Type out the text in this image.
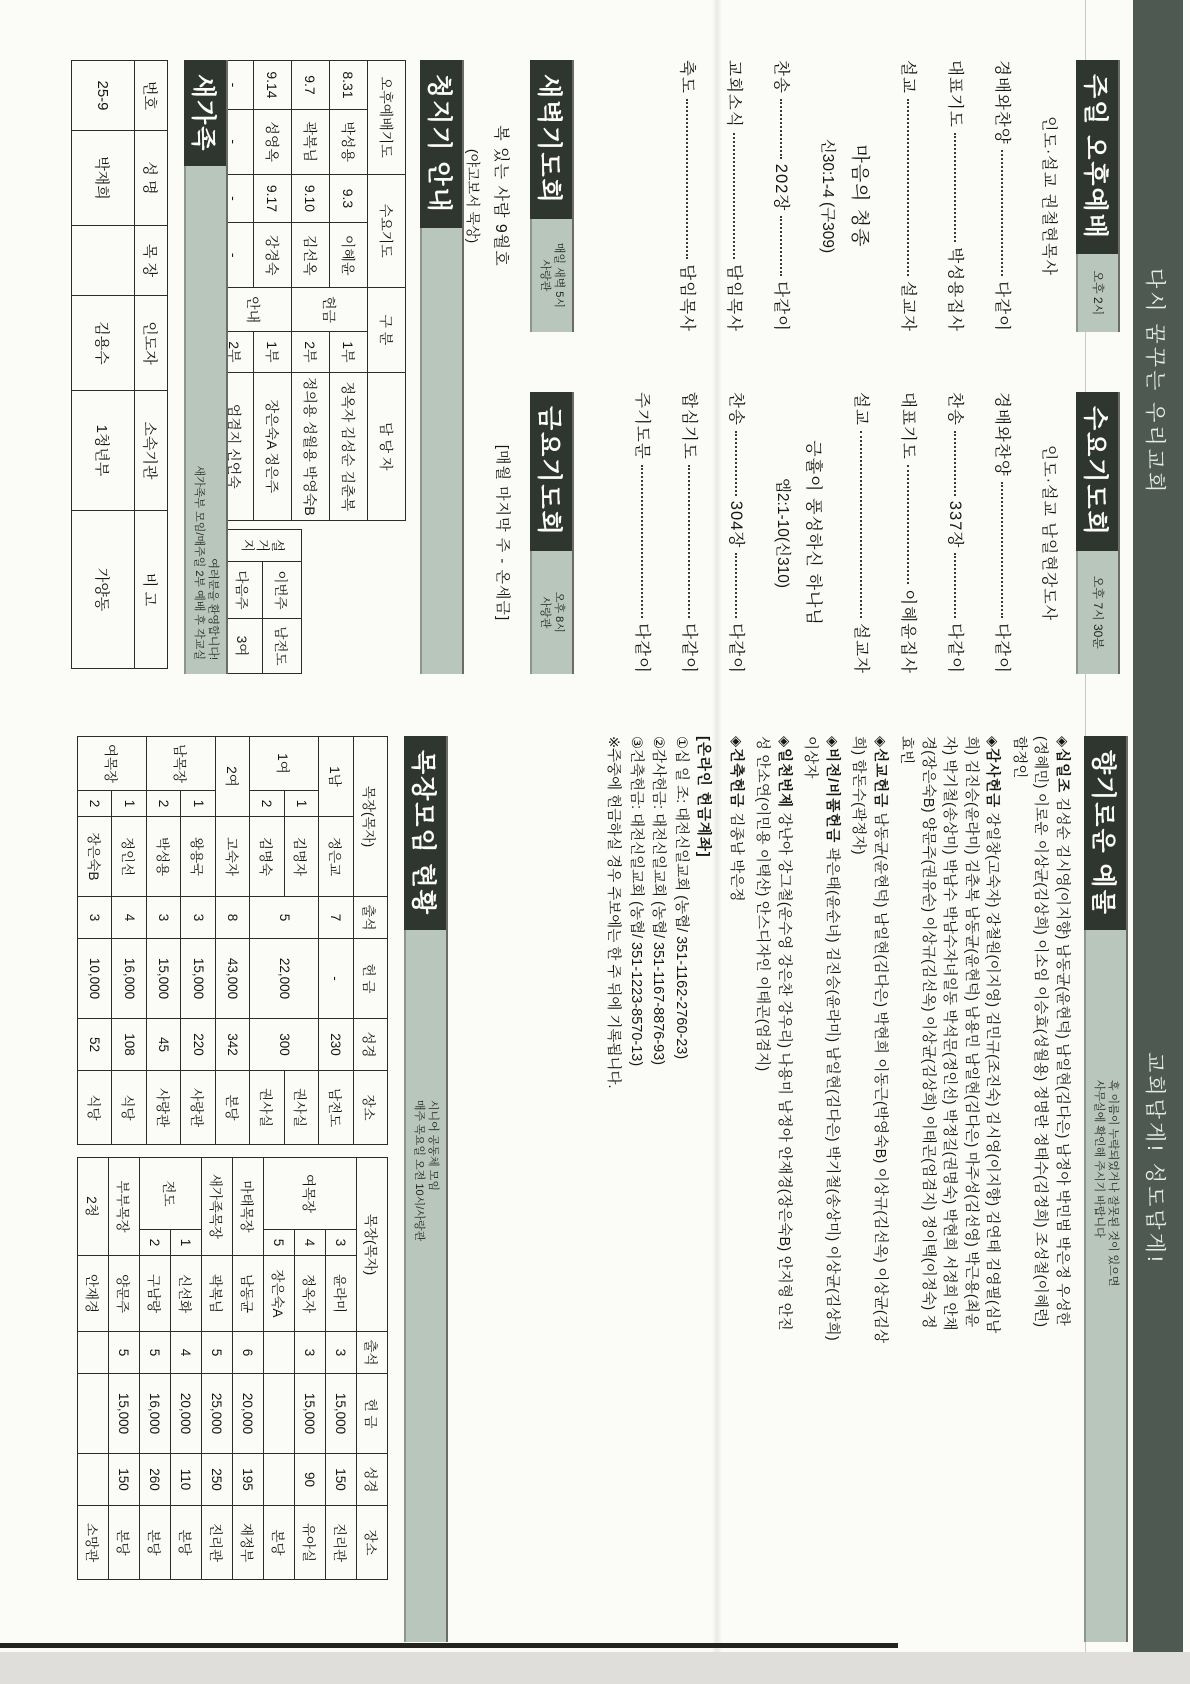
다시 꿈꾸는 우리교회
교회답게! 성도답게!
주일 오후예배
오후 2시
인도·설교 권철현목사
경배와찬양
다같이
대표기도
박성용집사
설교
설교자
마음의 청종
신30:1-4 (구309)
찬송
202장
다같이
교회소식
담임목사
축도
담임목사
수요기도회
오후 7시 30분
인도·설교 남일현강도사
경배와찬양
다같이
찬송
337장
다같이
대표기도
이혜윤집사
설교
설교자
긍휼이 풍성하신 하나님
엡2:1-10(신310)
찬송
304장
다같이
합심기도
다같이
주기도문
다같이
새벽기도회
매일 새벽 5시
사랑관
복 있는 사람 9월호
(야고보서 묵상)
금요기도회
오후 8시
사랑관
[매월 마지막 주 - 온세금]
청지기 안내
오후예배기도		수요기도		구 분		담 당 자
8.31	박성용	9.3	이혜윤	헌금	1부	정옥자 김성순 김춘복
9.7	곽복님	9.10	김선옥		2부	정의용 성월용 박영숙B
9.14	성영옥	9.17	강경숙	안내	1부	장은숙A 정은주
-	-	-	-		2부	엄겸지 신언숙
설거지	이번주	남전도
	다음주	3여
새가족
여러분을 환영합니다!
새가족부 모임/매주일 2부 예배 후 각교실
번호	성 명	목 장	인도자	소속기관	비 고
25-9	박재희		김용수	1청년부	가양동
향기로운 예물
혹 이름이 누락되었거나 잘못된 것이 있으면
사무실에 확인해 주시기 바랍니다
◈십일조 김성순 김시영(이지향) 남동균(윤현덕) 남일현(김다은) 남정아 박민범 박은정 우성한
(정혜민) 이로운 이상균(김상희) 이소임 이승효(성월용) 정명란 정태수(김정희) 조성철(이혜련)
함정인
◈감사헌금 강일창(고숙자) 강철원(이지영) 김민규(조진숙) 김시영(이지향) 김연태 김영필(심남
희) 김진승(윤라미) 김춘복 남동균(윤현덕) 남용민 남일현(김다은) 마주성(김선영) 박근용(최윤
자) 박기철(송상미) 박남수 박남수자녀일동 박석문(정인선) 박정길(권명숙) 박현희 서정희 안채
경(장은숙B) 양문주(권유순) 이상규(김선옥) 이상균(김상희) 이태곤(엄겸지) 정이택(이정숙) 정
효빈
◈선교헌금 남동균(윤현덕) 남일현(김다은) 박현희 이동근(박영숙B) 이상규(김선옥) 이상균(김상
희) 함돈수(곽정자)
◈비전/비품헌금 곽은태(윤순녀) 김진승(윤라미) 남일현(김다은) 박기철(송상미) 이상균(김상희)
이상자
◈일천번제 강난아 강그철(운수영 강은찬 강우리) 나용미 남정아 안재경(장은숙B) 안지형 안진
성 안소연(이민용 이택산) 안스디자인 이태곤(엄겸지)
◈건축헌금 김종남 박은정
[온라인 헌금계좌]
①십 일 조: 대전신일교회 (농협/ 351-1162-2760-23)
②감사헌금: 대전신일교회 (농협/ 351-1167-8876-93)
③건축헌금: 대전신일교회 (농협/ 351-1223-8570-13)
※주중에 헌금하실 경우 주보에는 한 주 뒤에 기록됩니다.
목장모임 현황
시니어 공동체 모임
매주 목요일 오전 10시/사랑관
목장(목자)			출석	헌 금	성경	장소
1남		정은교	7	-	230	남전도
1여	1	김명자	5	22,000	300	권사실
	2	김명숙				권사실
2여		고숙자	8	43,000	342	본당
남목장	1	왕용국	3	15,000	220	사랑관
	2	박성용	3	15,000	45	사랑관
여목장	1	정인선	4	16,000	108	식당
	2	장은숙B	3	10,000	52	식당
목장(목자)			출석	헌 금	성경	장소
여목장	3	윤라미	3	15,000	150	진리관
	4	정옥자	3	15,000	90	유아실
	5	장은숙A				본당
마태목장		남동균	6	20,000	195	재정부
새가족목장		곽복님	5	25,000	250	진리관
전도	1	신선화	4	20,000	110	본당
	2	구남랑	5	16,000	260	본당
부부목장		양문주	5	15,000	150	본당
2청		안재경				소망관
